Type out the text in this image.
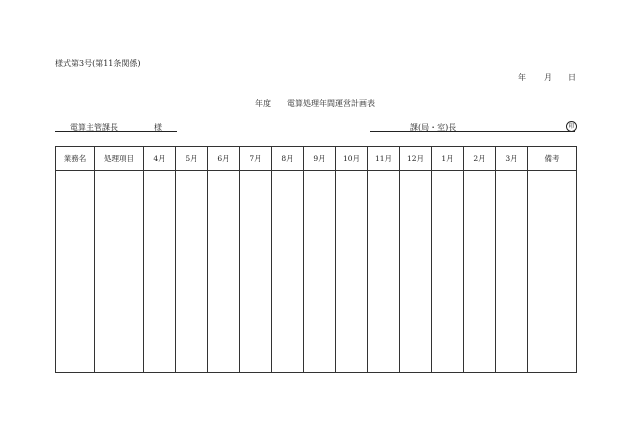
様式第3号(第11条関係)
年 月 日
年度 電算処理年間運営計画表
電算主管課長	様	課(局・室)長	印
業務名	処理項目	4月	5月	6月	7月	8月	9月	10月	11月	12月	1月	2月	3月	備考
